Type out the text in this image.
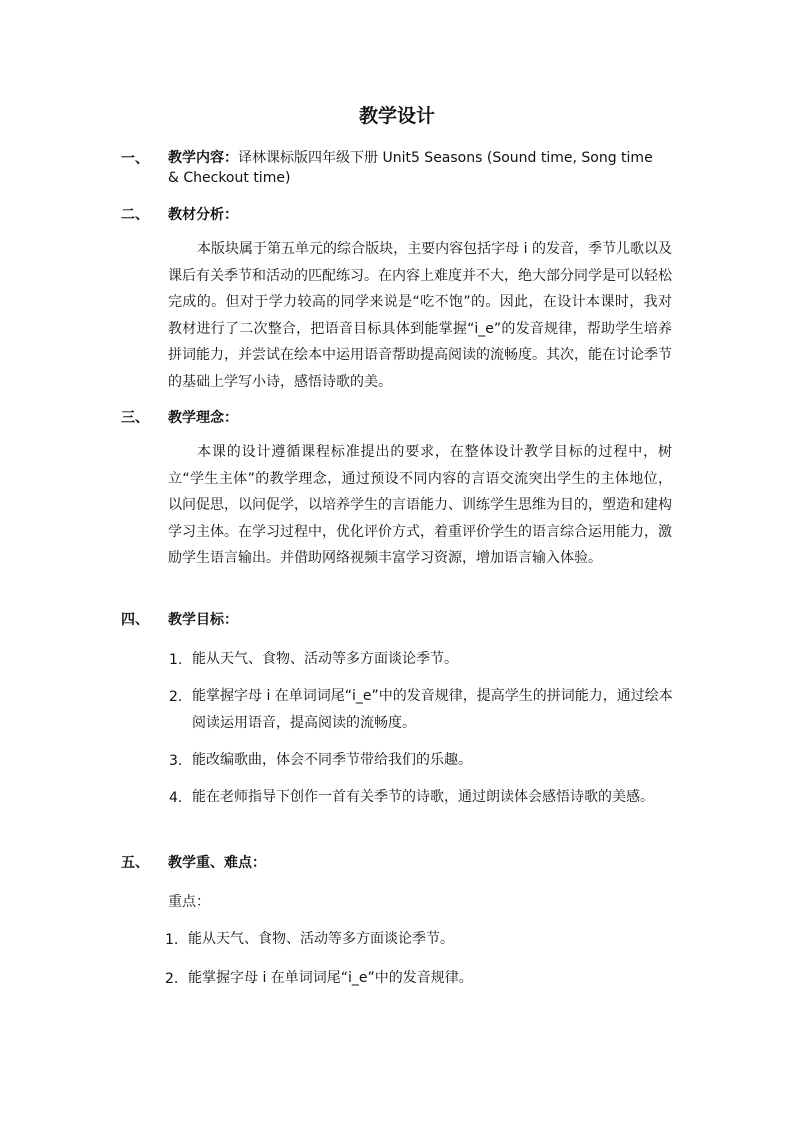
教学设计
一、 教学内容：译林课标版四年级下册 Unit5 Seasons (Sound time, Song time & Checkout time)
二、 教材分析：
本版块属于第五单元的综合版块，主要内容包括字母 i 的发音，季节儿歌以及课后有关季节和活动的匹配练习。在内容上难度并不大，绝大部分同学是可以轻松完成的。但对于学力较高的同学来说是“吃不饱”的。因此，在设计本课时，我对教材进行了二次整合，把语音目标具体到能掌握“i_e”的发音规律，帮助学生培养拼词能力，并尝试在绘本中运用语音帮助提高阅读的流畅度。其次，能在讨论季节的基础上学写小诗，感悟诗歌的美。
三、 教学理念：
本课的设计遵循课程标准提出的要求，在整体设计教学目标的过程中，树立“学生主体”的教学理念，通过预设不同内容的言语交流突出学生的主体地位，以问促思，以问促学，以培养学生的言语能力、训练学生思维为目的，塑造和建构学习主体。在学习过程中，优化评价方式，着重评价学生的语言综合运用能力，激励学生语言输出。并借助网络视频丰富学习资源，增加语言输入体验。
四、 教学目标：
1. 能从天气、食物、活动等多方面谈论季节。
2. 能掌握字母 i 在单词词尾“i_e”中的发音规律，提高学生的拼词能力，通过绘本阅读运用语音，提高阅读的流畅度。
3. 能改编歌曲，体会不同季节带给我们的乐趣。
4. 能在老师指导下创作一首有关季节的诗歌，通过朗读体会感悟诗歌的美感。
五、 教学重、难点：
重点：
1. 能从天气、食物、活动等多方面谈论季节。
2. 能掌握字母 i 在单词词尾“i_e”中的发音规律。
